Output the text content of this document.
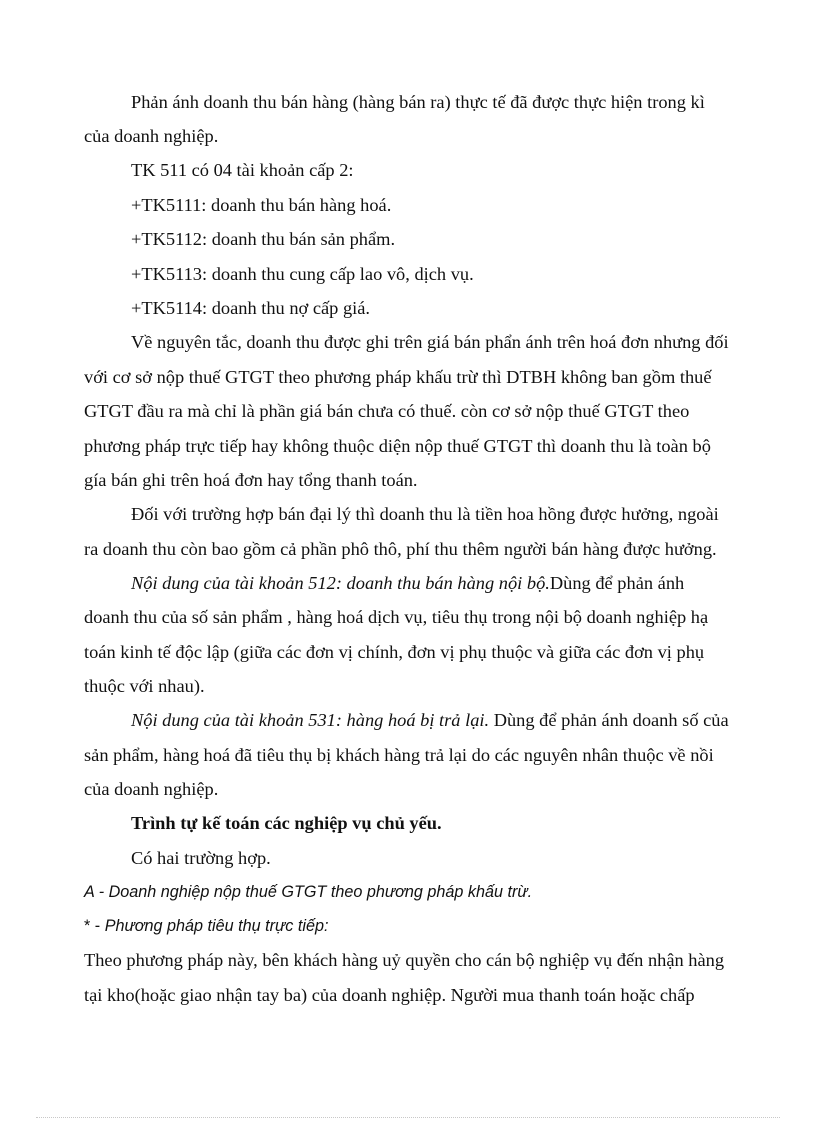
Phản ánh doanh thu bán hàng (hàng bán ra) thực tế đã được thực hiện trong kì

của doanh nghiệp.

TK 511 có 04 tài khoản cấp 2:

+TK5111: doanh thu bán hàng hoá.

+TK5112: doanh thu bán sản phẩm.

+TK5113: doanh thu cung cấp lao vô, dịch vụ.

+TK5114: doanh thu nợ cấp giá.

Về nguyên tắc, doanh thu được ghi trên giá bán phẩn ánh trên hoá đơn nhưng đối

với cơ sở nộp thuế GTGT theo phương pháp khấu trừ thì DTBH không ban gồm thuế

GTGT đầu ra mà chỉ là phần giá bán chưa có thuế. còn cơ sở nộp thuế GTGT theo

phương pháp trực tiếp hay không thuộc diện nộp thuế GTGT thì doanh thu là toàn bộ

gía bán ghi trên hoá đơn hay tổng thanh toán.

Đối với trường hợp bán đại lý thì doanh thu là tiền hoa hồng được hưởng, ngoài

ra doanh thu còn bao gồm cả phần phô thô, phí thu thêm người bán hàng được hưởng.

Nội dung của tài khoản 512: doanh thu bán hàng nội bộ.Dùng để phản ánh

doanh thu của số sản phẩm , hàng hoá dịch vụ, tiêu thụ trong nội bộ doanh nghiệp hạ

toán kinh tế độc lập (giữa các đơn vị chính, đơn vị phụ thuộc và giữa các đơn vị phụ

thuộc với nhau).

Nội dung của tài khoản 531: hàng hoá bị trả lại. Dùng để phản ánh doanh số của

sản phẩm, hàng hoá đã tiêu thụ bị khách hàng trả lại do các nguyên nhân thuộc về nồi

của doanh nghiệp.

Trình tự kế toán các nghiệp vụ chủ yếu.

Có hai trường hợp.

A - Doanh nghiệp nộp thuế GTGT theo phương pháp khấu trừ.

* - Phương pháp tiêu thụ trực tiếp:

Theo phương pháp này, bên khách hàng uỷ quyền cho cán bộ nghiệp vụ đến nhận hàng

tại kho(hoặc giao nhận tay ba) của doanh nghiệp. Người mua thanh toán hoặc chấp
